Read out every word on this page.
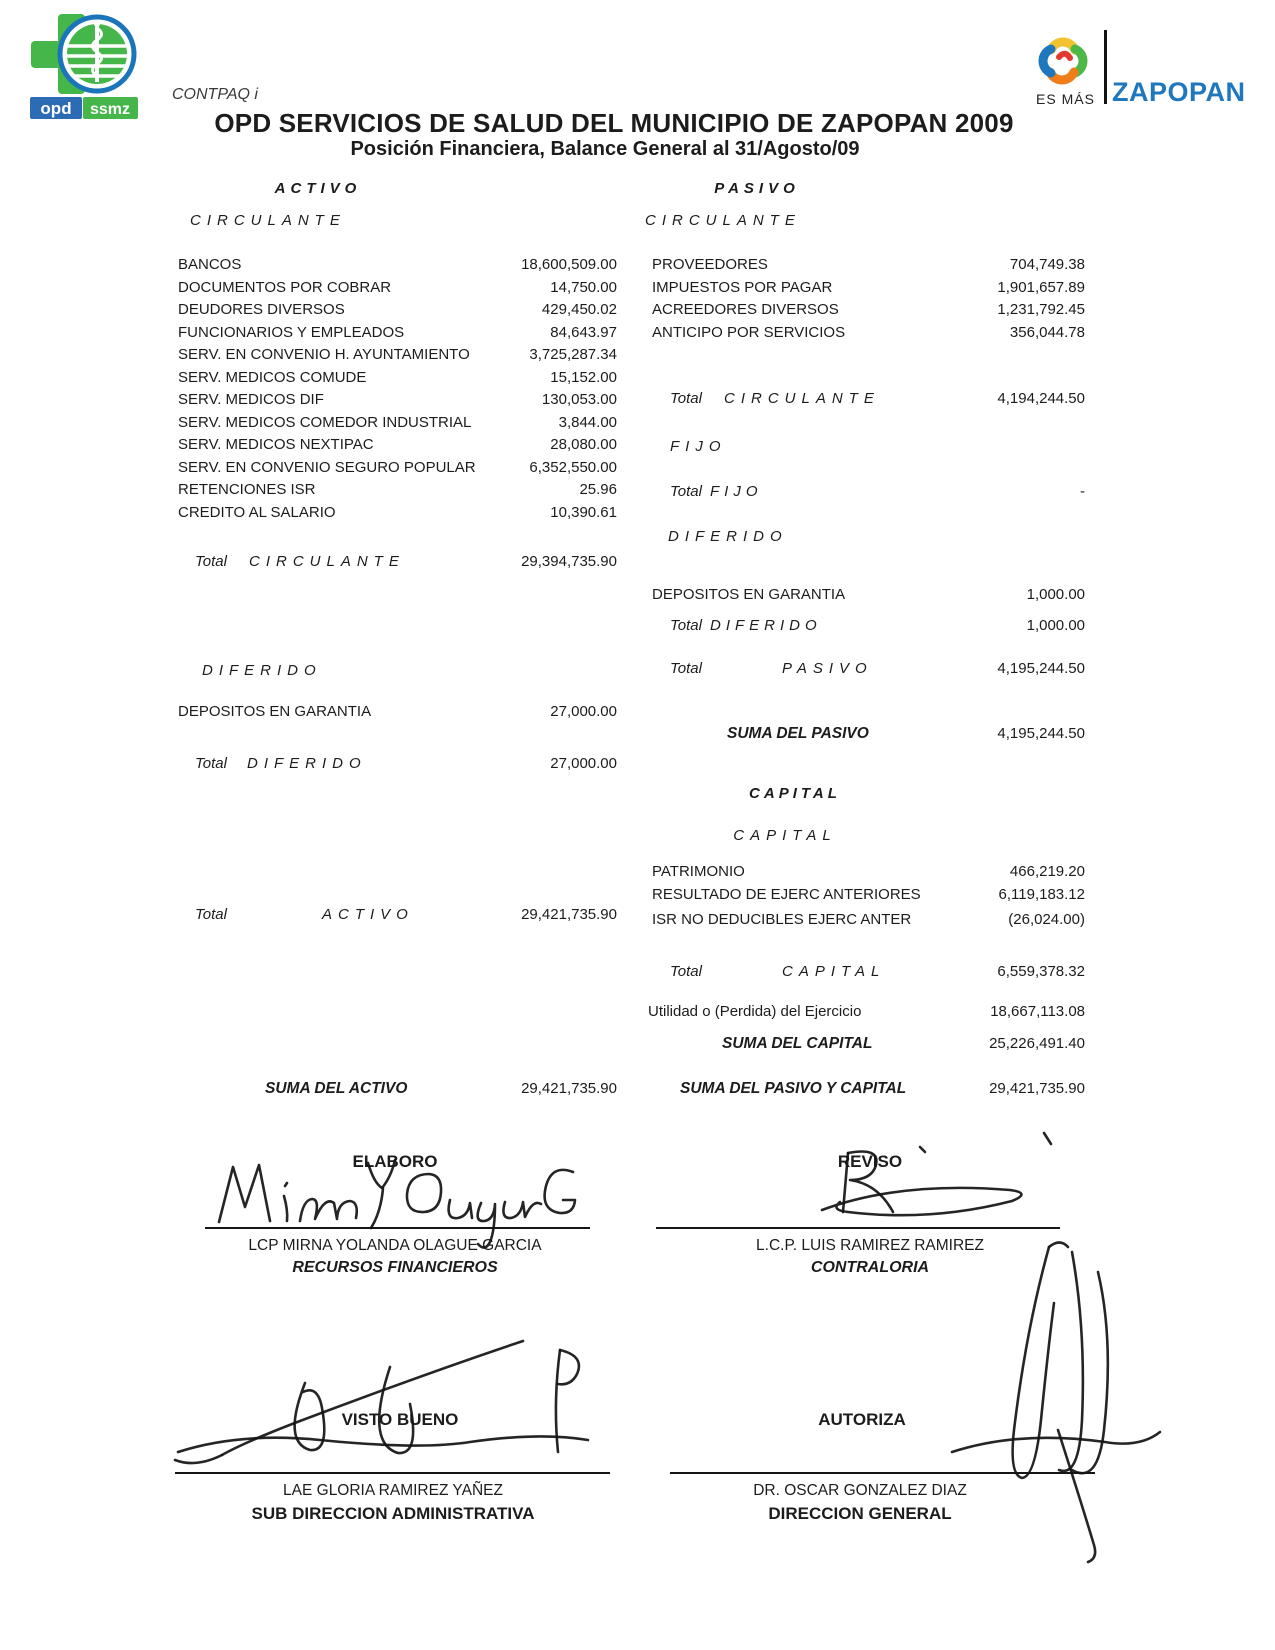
opd ssmz
ES MÁS ZAPOPAN
CONTPAQ i
OPD SERVICIOS DE SALUD DEL MUNICIPIO DE ZAPOPAN 2009
Posición Financiera, Balance General al 31/Agosto/09
ACTIVO	PASIVO
CIRCULANTE	CIRCULANTE
BANCOS	18,600,509.00
DOCUMENTOS POR COBRAR	14,750.00
DEUDORES DIVERSOS	429,450.02
FUNCIONARIOS Y EMPLEADOS	84,643.97
SERV. EN CONVENIO H. AYUNTAMIENTO	3,725,287.34
SERV. MEDICOS COMUDE	15,152.00
SERV. MEDICOS DIF	130,053.00
SERV. MEDICOS COMEDOR INDUSTRIAL	3,844.00
SERV. MEDICOS NEXTIPAC	28,080.00
SERV. EN CONVENIO SEGURO POPULAR	6,352,550.00
RETENCIONES ISR	25.96
CREDITO AL SALARIO	10,390.61
Total CIRCULANTE	29,394,735.90
DIFERIDO
DEPOSITOS EN GARANTIA	27,000.00
Total DIFERIDO	27,000.00
Total	ACTIVO	29,421,735.90
SUMA DEL ACTIVO	29,421,735.90
PROVEEDORES	704,749.38
IMPUESTOS POR PAGAR	1,901,657.89
ACREEDORES DIVERSOS	1,231,792.45
ANTICIPO POR SERVICIOS	356,044.78
Total CIRCULANTE	4,194,244.50
FIJO
Total FIJO	-
DIFERIDO
DEPOSITOS EN GARANTIA	1,000.00
Total DIFERIDO	1,000.00
Total	PASIVO	4,195,244.50
SUMA DEL PASIVO	4,195,244.50
CAPITAL
CAPITAL
PATRIMONIO	466,219.20
RESULTADO DE EJERC ANTERIORES	6,119,183.12
ISR NO DEDUCIBLES EJERC ANTER	(26,024.00)
Total	CAPITAL	6,559,378.32
Utilidad o (Perdida) del Ejercicio	18,667,113.08
SUMA DEL CAPITAL	25,226,491.40
SUMA DEL PASIVO Y CAPITAL	29,421,735.90
ELABORO	REVISO
LCP MIRNA YOLANDA OLAGUE GARCIA
RECURSOS FINANCIEROS
L.C.P. LUIS RAMIREZ RAMIREZ
CONTRALORIA
VISTO BUENO	AUTORIZA
LAE GLORIA RAMIREZ YAÑEZ
SUB DIRECCION ADMINISTRATIVA
DR. OSCAR GONZALEZ DIAZ
DIRECCION GENERAL
